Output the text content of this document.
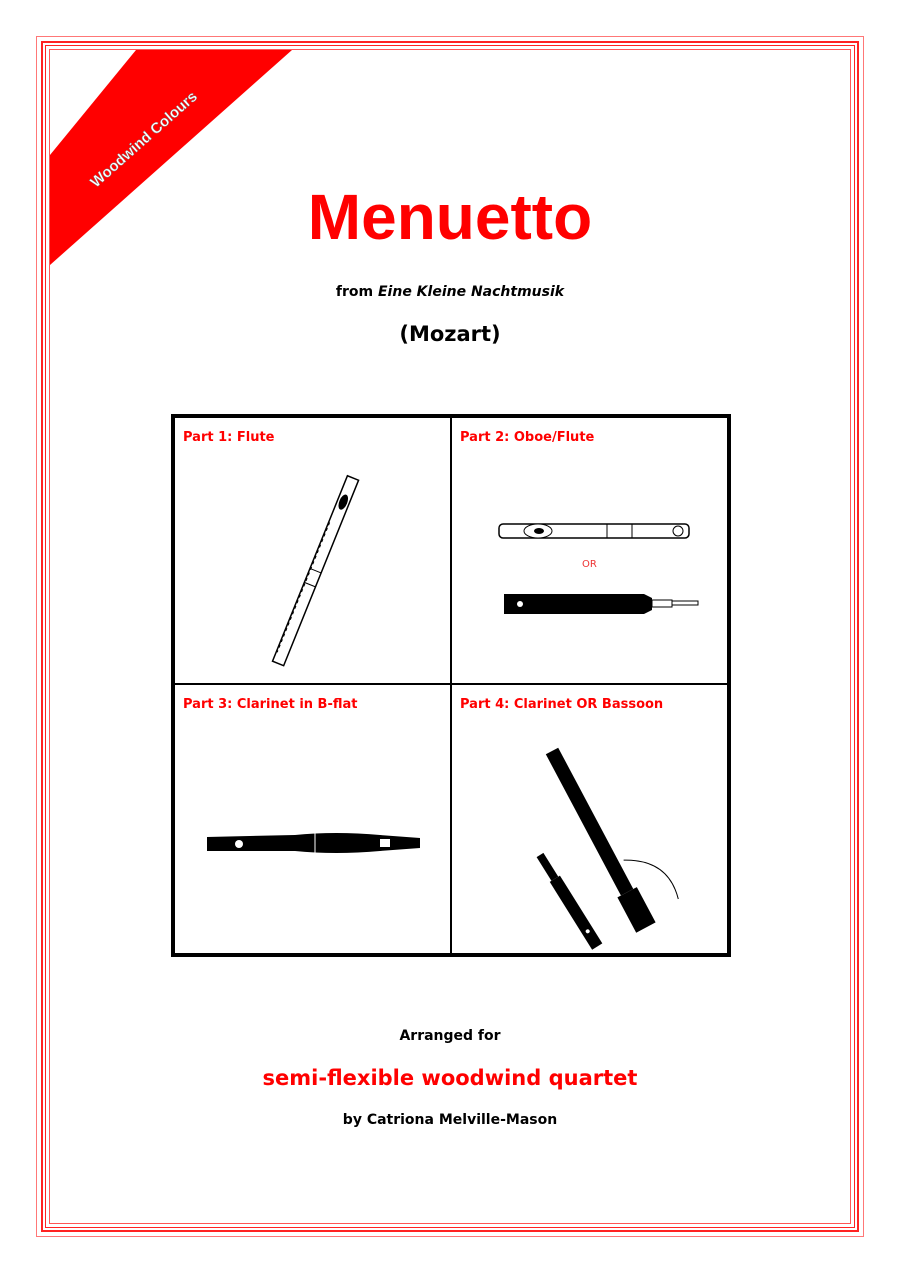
Woodwind Colours
Menuetto
from Eine Kleine Nachtmusik
(Mozart)
Part 1: Flute	Part 2: Oboe/Flute
OR
Part 3: Clarinet in B-flat	Part 4: Clarinet OR Bassoon
Arranged for
semi-flexible woodwind quartet
by Catriona Melville-Mason
